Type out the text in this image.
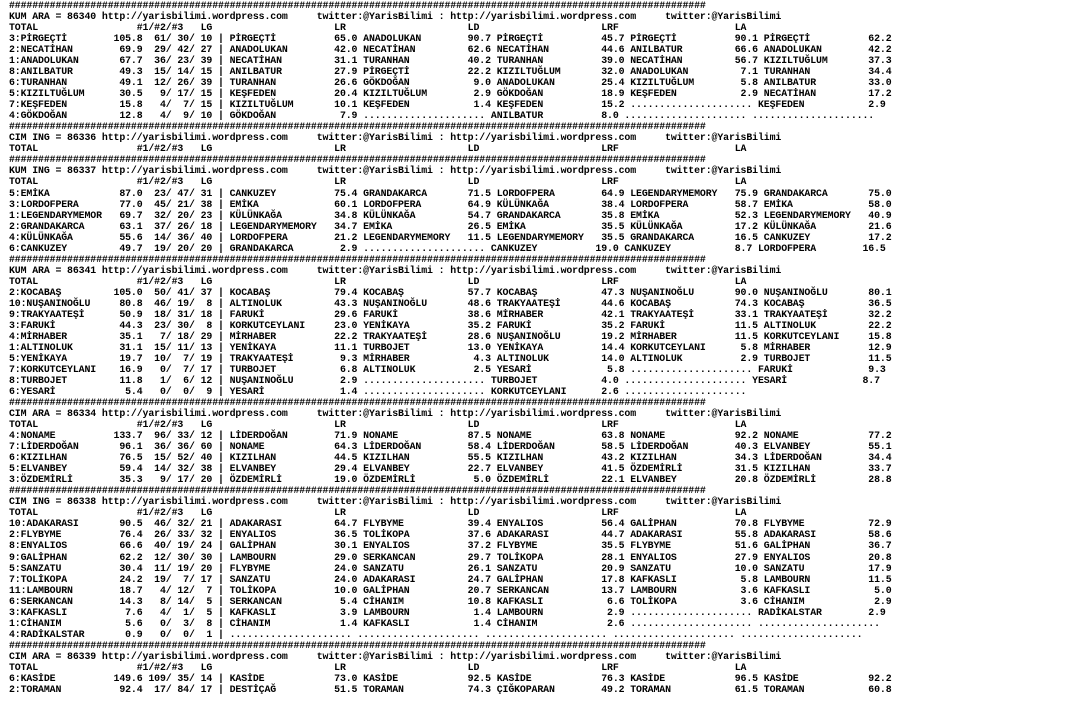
########################################################################################################################
KUM ARA = 86340 http://yarisbilimi.wordpress.com     twitter:@YarisBilimi : http://yarisbilimi.wordpress.com     twitter:@YarisBilimi
TOTAL                 #1/#2/#3   LG                     LR                     LD                     LRF                    LA
3:PİRGEÇTİ        105.8  61/ 30/ 10 | PİRGEÇTİ          65.0 ANADOLUKAN        90.7 PİRGEÇTİ          45.7 PİRGEÇTİ          90.1 PİRGEÇTİ          62.2
2:NECATİHAN        69.9  29/ 42/ 27 | ANADOLUKAN        42.0 NECATİHAN         62.6 NECATİHAN         44.6 ANILBATUR         66.6 ANADOLUKAN        42.2
1:ANADOLUKAN       67.7  36/ 23/ 39 | NECATİHAN         31.1 TURANHAN          40.2 TURANHAN          39.0 NECATİHAN         56.7 KIZILTUĞLUM       37.3
8:ANILBATUR        49.3  15/ 14/ 15 | ANILBATUR         27.9 PİRGEÇTİ          22.2 KIZILTUĞLUM       32.0 ANADOLUKAN         7.1 TURANHAN          34.4
6:TURANHAN         49.1  12/ 26/ 39 | TURANHAN          26.6 GÖKDOĞAN           9.0 ANADOLUKAN        25.4 KIZILTUĞLUM        5.8 ANILBATUR         33.0
5:KIZILTUĞLUM      30.5   9/ 17/ 15 | KEŞFEDEN          20.4 KIZILTUĞLUM        2.9 GÖKDOĞAN          18.9 KEŞFEDEN           2.9 NECATİHAN         17.2
7:KEŞFEDEN         15.8   4/  7/ 15 | KIZILTUĞLUM       10.1 KEŞFEDEN           1.4 KEŞFEDEN          15.2 ..................... KEŞFEDEN           2.9
4:GÖKDOĞAN         12.8   4/  9/ 10 | GÖKDOĞAN           7.9 ..................... ANILBATUR          8.0 ..................... .....................
########################################################################################################################
CIM ING = 86336 http://yarisbilimi.wordpress.com     twitter:@YarisBilimi : http://yarisbilimi.wordpress.com     twitter:@YarisBilimi
TOTAL                 #1/#2/#3   LG                     LR                     LD                     LRF                    LA
########################################################################################################################
KUM ING = 86337 http://yarisbilimi.wordpress.com     twitter:@YarisBilimi : http://yarisbilimi.wordpress.com     twitter:@YarisBilimi
TOTAL                 #1/#2/#3   LG                     LR                     LD                     LRF                    LA
5:EMİKA            87.0  23/ 47/ 31 | CANKUZEY          75.4 GRANDAKARCA       71.5 LORDOFPERA        64.9 LEGENDARYMEMORY   75.9 GRANDAKARCA       75.0
3:LORDOFPERA       77.0  45/ 21/ 38 | EMİKA             60.1 LORDOFPERA        64.9 KÜLÜNKAĞA         38.4 LORDOFPERA        58.7 EMİKA             58.0
1:LEGENDARYMEMOR   69.7  32/ 20/ 23 | KÜLÜNKAĞA         34.8 KÜLÜNKAĞA         54.7 GRANDAKARCA       35.8 EMİKA             52.3 LEGENDARYMEMORY   40.9
2:GRANDAKARCA      63.1  37/ 26/ 18 | LEGENDARYMEMORY   34.7 EMİKA             26.5 EMİKA             35.5 KÜLÜNKAĞA         17.2 KÜLÜNKAĞA         21.6
4:KÜLÜNKAĞA        55.6  14/ 36/ 40 | LORDOFPERA        21.2 LEGENDARYMEMORY   11.5 LEGENDARYMEMORY   35.5 GRANDAKARCA       16.5 CANKUZEY          17.2
6:CANKUZEY         49.7  19/ 20/ 20 | GRANDAKARCA        2.9 ..................... CANKUZEY          19.0 CANKUZEY           8.7 LORDOFPERA        16.5
########################################################################################################################
KUM ARA = 86341 http://yarisbilimi.wordpress.com     twitter:@YarisBilimi : http://yarisbilimi.wordpress.com     twitter:@YarisBilimi
TOTAL                 #1/#2/#3   LG                     LR                     LD                     LRF                    LA
2:KOCABAŞ         105.0  50/ 41/ 37 | KOCABAŞ           79.4 KOCABAŞ           57.7 KOCABAŞ           47.3 NUŞANINOĞLU       90.0 NUŞANINOĞLU       80.1
10:NUŞANINOĞLU     80.8  46/ 19/  8 | ALTINOLUK         43.3 NUŞANINOĞLU       48.6 TRAKYAATEŞİ       44.6 KOCABAŞ           74.3 KOCABAŞ           36.5
9:TRAKYAATEŞİ      50.9  18/ 31/ 18 | FARUKİ            29.6 FARUKİ            38.6 MİRHABER          42.1 TRAKYAATEŞİ       33.1 TRAKYAATEŞİ       32.2
3:FARUKİ           44.3  23/ 30/  8 | KORKUTCEYLANI     23.0 YENİKAYA          35.2 FARUKİ            35.2 FARUKİ            11.5 ALTINOLUK         22.2
4:MİRHABER         35.1   7/ 18/ 29 | MİRHABER          22.2 TRAKYAATEŞİ       28.6 NUŞANINOĞLU       19.2 MİRHABER          11.5 KORKUTCEYLANI     15.8
1:ALTINOLUK        31.1  15/ 11/ 13 | YENİKAYA          11.1 TURBOJET          13.0 YENİKAYA          14.4 KORKUTCEYLANI      5.8 MİRHABER          12.9
5:YENİKAYA         19.7  10/  7/ 19 | TRAKYAATEŞİ        9.3 MİRHABER           4.3 ALTINOLUK         14.0 ALTINOLUK          2.9 TURBOJET          11.5
7:KORKUTCEYLANI    16.9   0/  7/ 17 | TURBOJET           6.8 ALTINOLUK          2.5 YESARİ             5.8 ..................... FARUKİ             9.3
8:TURBOJET         11.8   1/  6/ 12 | NUŞANINOĞLU        2.9 ..................... TURBOJET           4.0 ..................... YESARİ             8.7
6:YESARİ            5.4   0/  0/  9 | YESARİ             1.4 ..................... KORKUTCEYLANI      2.6 .....................
########################################################################################################################
CIM ARA = 86334 http://yarisbilimi.wordpress.com     twitter:@YarisBilimi : http://yarisbilimi.wordpress.com     twitter:@YarisBilimi
TOTAL                 #1/#2/#3   LG                     LR                     LD                     LRF                    LA
4:NONAME          133.7  96/ 33/ 12 | LİDERDOĞAN        71.9 NONAME            87.5 NONAME            63.8 NONAME            92.2 NONAME            77.2
7:LİDERDOĞAN       96.1  36/ 36/ 60 | NONAME            64.3 LİDERDOĞAN        58.4 LİDERDOĞAN        58.5 LİDERDOĞAN        40.3 ELVANBEY          55.1
6:KIZILHAN         76.5  15/ 52/ 40 | KIZILHAN          44.5 KIZILHAN          55.5 KIZILHAN          43.2 KIZILHAN          34.3 LİDERDOĞAN        34.4
5:ELVANBEY         59.4  14/ 32/ 38 | ELVANBEY          29.4 ELVANBEY          22.7 ELVANBEY          41.5 ÖZDEMİRLİ         31.5 KIZILHAN          33.7
3:ÖZDEMİRLİ        35.3   9/ 17/ 20 | ÖZDEMİRLİ         19.0 ÖZDEMİRLİ          5.0 ÖZDEMİRLİ         22.1 ELVANBEY          20.8 ÖZDEMİRLİ         28.8
########################################################################################################################
CIM ING = 86338 http://yarisbilimi.wordpress.com     twitter:@YarisBilimi : http://yarisbilimi.wordpress.com     twitter:@YarisBilimi
TOTAL                 #1/#2/#3   LG                     LR                     LD                     LRF                    LA
10:ADAKARASI       90.5  46/ 32/ 21 | ADAKARASI         64.7 FLYBYME           39.4 ENYALIOS          56.4 GALİPHAN          70.8 FLYBYME           72.9
2:FLYBYME          76.4  26/ 33/ 32 | ENYALIOS          36.5 TOLİKOPA          37.6 ADAKARASI         44.7 ADAKARASI         55.8 ADAKARASI         58.6
8:ENYALIOS         66.6  40/ 19/ 24 | GALİPHAN          30.1 ENYALIOS          37.2 FLYBYME           35.5 FLYBYME           51.6 GALİPHAN          36.7
9:GALİPHAN         62.2  12/ 30/ 30 | LAMBOURN          29.0 SERKANCAN         29.7 TOLİKOPA          28.1 ENYALIOS          27.9 ENYALIOS          20.8
5:SANZATU          30.4  11/ 19/ 20 | FLYBYME           24.0 SANZATU           26.1 SANZATU           20.9 SANZATU           10.0 SANZATU           17.9
7:TOLİKOPA         24.2  19/  7/ 17 | SANZATU           24.0 ADAKARASI         24.7 GALİPHAN          17.8 KAFKASLI           5.8 LAMBOURN          11.5
11:LAMBOURN        18.7   4/ 12/  7 | TOLİKOPA          10.0 GALİPHAN          20.7 SERKANCAN         13.7 LAMBOURN           3.6 KAFKASLI           5.0
6:SERKANCAN        14.3   8/ 14/  5 | SERKANCAN          5.4 CİHANIM           10.8 KAFKASLI           6.6 TOLİKOPA           3.6 CİHANIM            2.9
3:KAFKASLI          7.6   4/  1/  5 | KAFKASLI           3.9 LAMBOURN           1.4 LAMBOURN           2.9 ..................... RADİKALSTAR        2.9
1:CİHANIM           5.6   0/  3/  8 | CİHANIM            1.4 KAFKASLI           1.4 CİHANIM            2.6 ..................... .....................
4:RADİKALSTAR       0.9   0/  0/  1 | ..................... ..................... ..................... ..................... .....................
########################################################################################################################
CIM ARA = 86339 http://yarisbilimi.wordpress.com     twitter:@YarisBilimi : http://yarisbilimi.wordpress.com     twitter:@YarisBilimi
TOTAL                 #1/#2/#3   LG                     LR                     LD                     LRF                    LA
6:KASİDE          149.6 109/ 35/ 14 | KASİDE            73.0 KASİDE            92.5 KASİDE            76.3 KASİDE            96.5 KASİDE            92.2
2:TORAMAN          92.4  17/ 84/ 17 | DESTİÇAĞ          51.5 TORAMAN           74.3 ÇIĞKOPARAN        49.2 TORAMAN           61.5 TORAMAN           60.8
